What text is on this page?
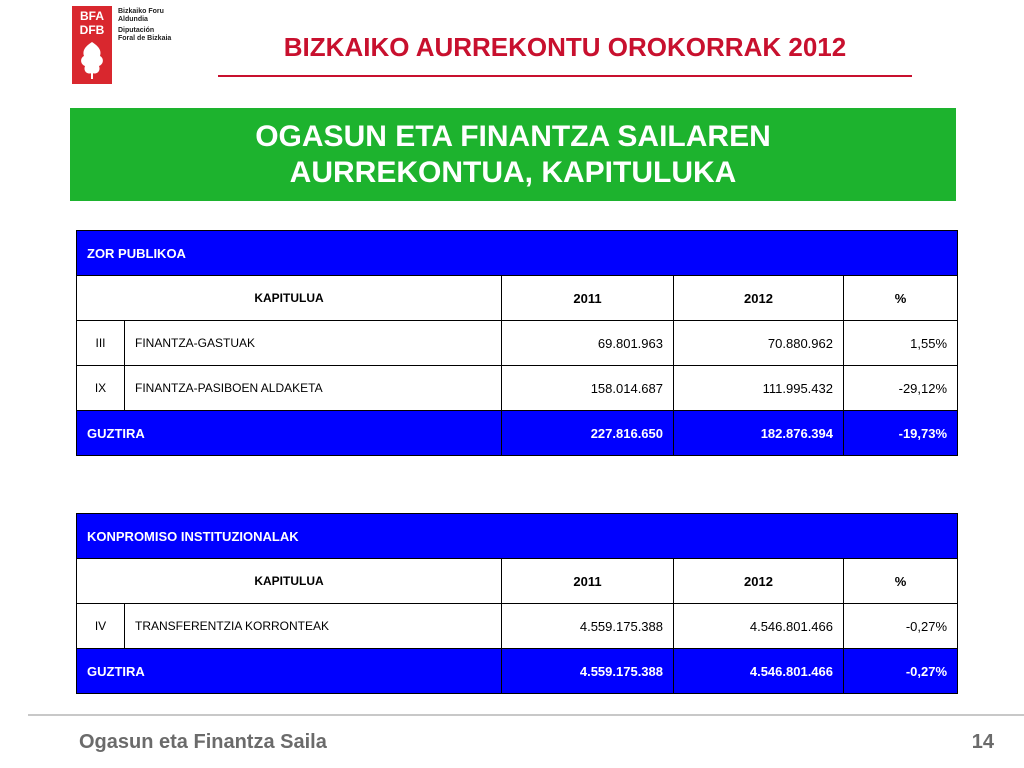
BFA
DFB
Bizkaiko Foru
Aldundia
Diputación
Foral de Bizkaia	BIZKAIKO AURREKONTU OROKORRAK 2012
OGASUN ETA FINANTZA SAILAREN
AURREKONTUA, KAPITULUKA
ZOR PUBLIKOA				
KAPITULUA		2011	2012	%
III	FINANTZA-GASTUAK	69.801.963	70.880.962	1,55%
IX	FINANTZA-PASIBOEN ALDAKETA	158.014.687	111.995.432	-29,12%
GUZTIRA		227.816.650	182.876.394	-19,73%
KONPROMISO INSTITUZIONALAK				
KAPITULUA		2011	2012	%
IV	TRANSFERENTZIA KORRONTEAK	4.559.175.388	4.546.801.466	-0,27%
GUZTIRA		4.559.175.388	4.546.801.466	-0,27%
Ogasun eta Finantza Saila	14
